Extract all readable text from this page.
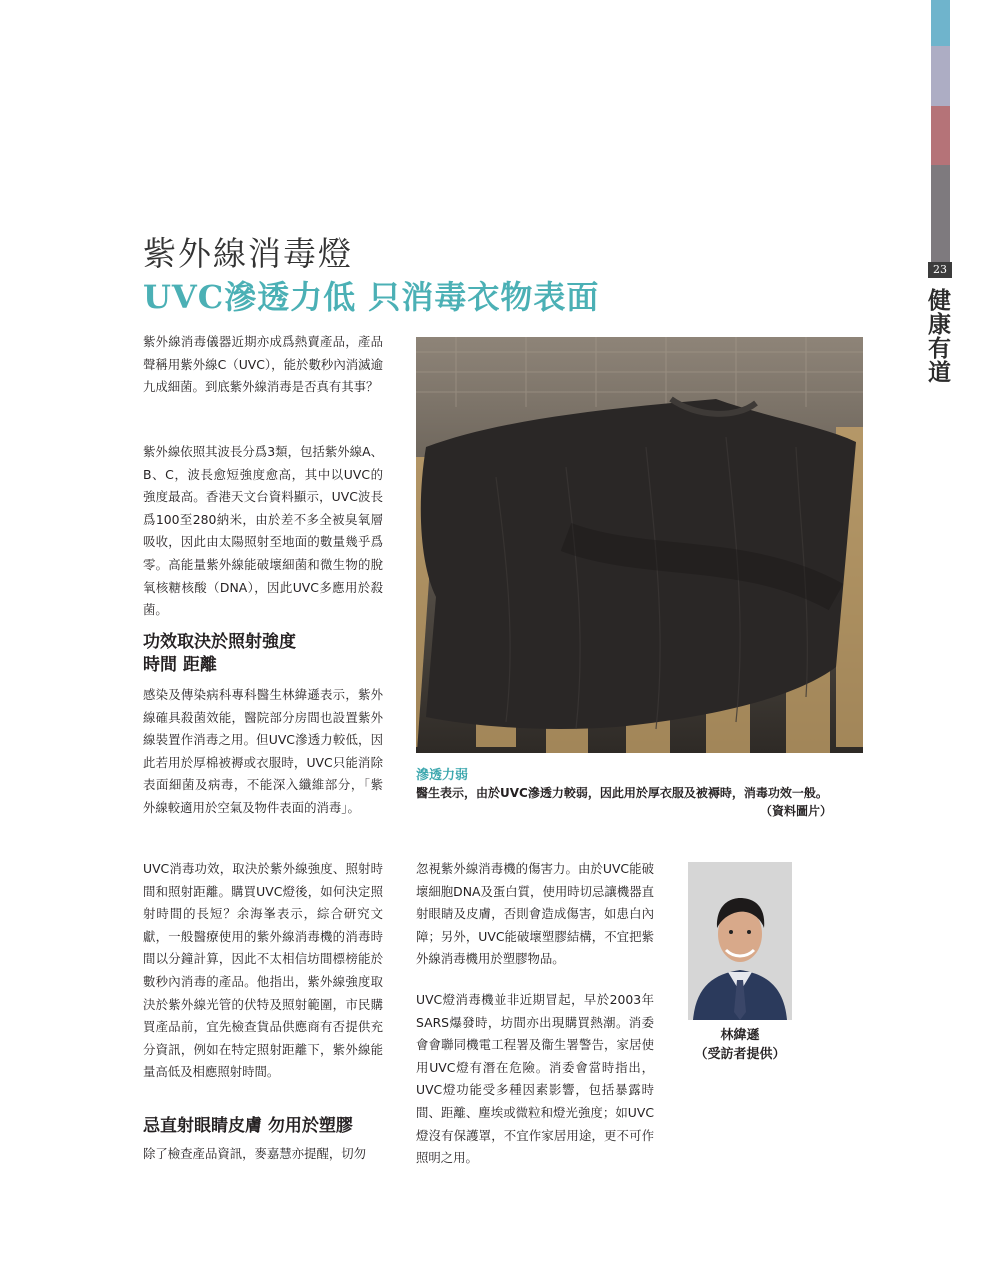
23
健康有道
紫外線消毒燈
UVC滲透力低 只消毒衣物表面

紫外線消毒儀器近期亦成爲熱賣產品，產品聲稱用紫外線C（UVC），能於數秒內消滅逾九成細菌。到底紫外線消毒是否真有其事？

紫外線依照其波長分爲3類，包括紫外線A、B、C，波長愈短強度愈高，其中以UVC的強度最高。香港天文台資料顯示，UVC波長爲100至280納米，由於差不多全被臭氧層吸收，因此由太陽照射至地面的數量幾乎爲零。高能量紫外線能破壞細菌和微生物的脫氧核糖核酸（DNA），因此UVC多應用於殺菌。

功效取決於照射強度
時間 距離

感染及傳染病科專科醫生林緯遜表示，紫外線確具殺菌效能，醫院部分房間也設置紫外線裝置作消毒之用。但UVC滲透力較低，因此若用於厚棉被褥或衣服時，UVC只能消除表面細菌及病毒，不能深入纖維部分，「紫外線較適用於空氣及物件表面的消毒」。

滲透力弱

醫生表示，由於UVC滲透力較弱，因此用於厚衣服及被褥時，消毒功效一般。

（資料圖片）

UVC消毒功效，取決於紫外線強度、照射時間和照射距離。購買UVC燈後，如何決定照射時間的長短？余海峯表示，綜合研究文獻，一般醫療使用的紫外線消毒機的消毒時間以分鐘計算，因此不太相信坊間標榜能於數秒內消毒的產品。他指出，紫外線強度取決於紫外線光管的伏特及照射範圍，市民購買產品前，宜先檢查貨品供應商有否提供充分資訊，例如在特定照射距離下，紫外線能量高低及相應照射時間。

忌直射眼睛皮膚 勿用於塑膠

除了檢查產品資訊，麥嘉慧亦提醒，切勿

忽視紫外線消毒機的傷害力。由於UVC能破壞細胞DNA及蛋白質，使用時切忌讓機器直射眼睛及皮膚，否則會造成傷害，如患白內障；另外，UVC能破壞塑膠結構，不宜把紫外線消毒機用於塑膠物品。

UVC燈消毒機並非近期冒起，早於2003年SARS爆發時，坊間亦出現購買熱潮。消委會會聯同機電工程署及衞生署警告，家居使用UVC燈有潛在危險。消委會當時指出，UVC燈功能受多種因素影響，包括暴露時間、距離、塵埃或微粒和燈光強度；如UVC燈沒有保護罩，不宜作家居用途，更不可作照明之用。

林緯遜
（受訪者提供）
